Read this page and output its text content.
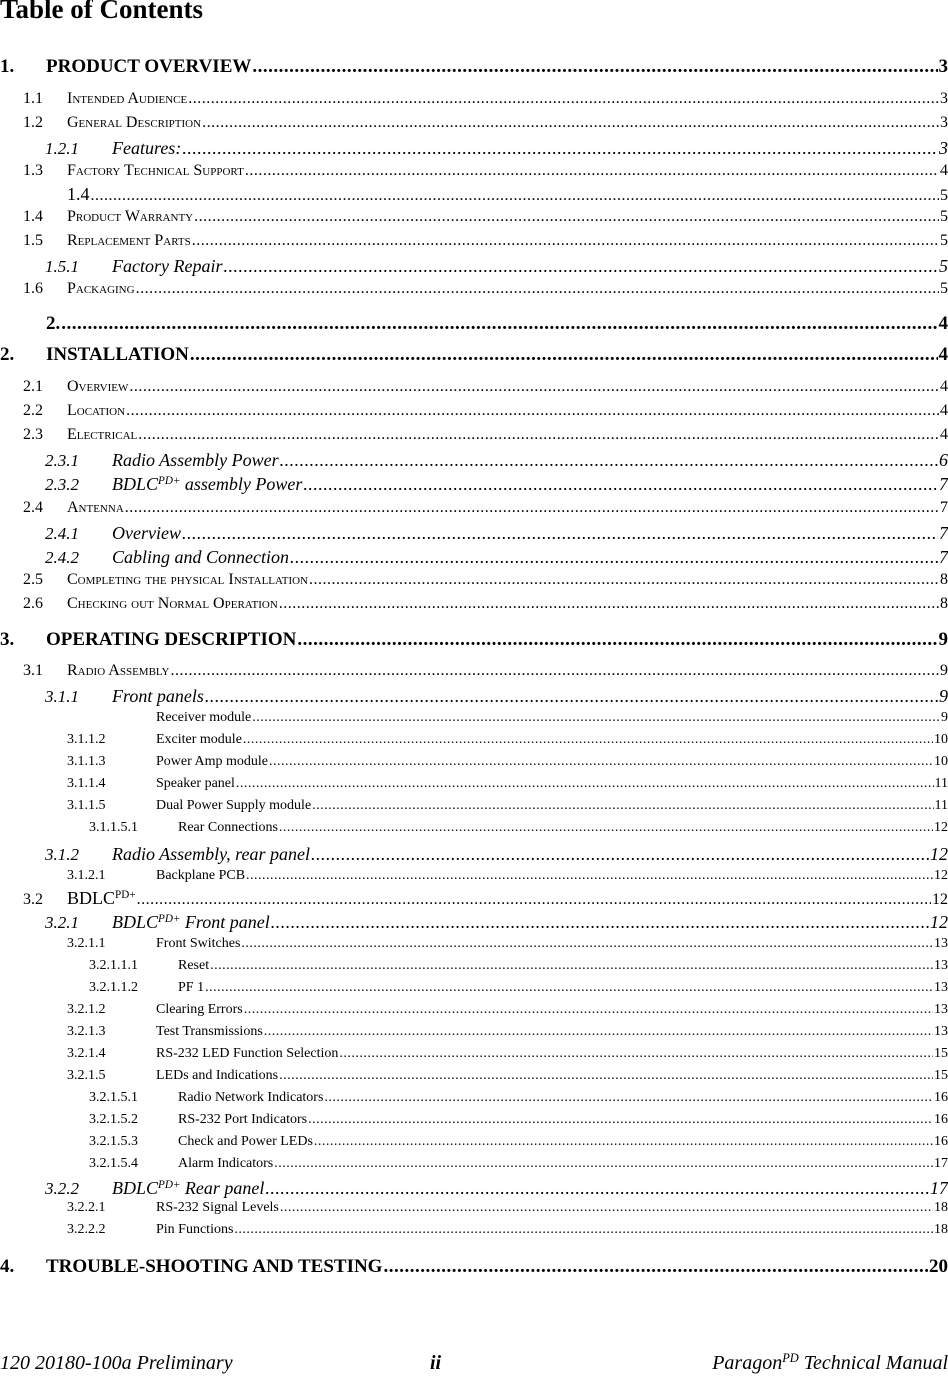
Table of Contents
1.	PRODUCT OVERVIEW .....	3
1.1	Intended Audience .....	3
1.2	General Description .....	3
1.2.1	Features: .....	3
1.3	Factory Technical Support .....	4
1.4 .....	5
1.4	Product Warranty .....	5
1.5	Replacement Parts .....	5
1.5.1	Factory Repair .....	5
1.6	Packaging .....	5
2. .....	4
2.	INSTALLATION .....	4
2.1	Overview .....	4
2.2	Location .....	4
2.3	Electrical .....	4
2.3.1	Radio Assembly Power .....	6
2.3.2	$BDLC^{PD+}$ assembly Power .....	7
2.4	Antenna .....	7
2.4.1	Overview .....	7
2.4.2	Cabling and Connection .....	7
2.5	Completing the physical Installation .....	8
2.6	Checking out Normal Operation .....	8
3.	OPERATING DESCRIPTION .....	9
3.1	Radio Assembly .....	9
3.1.1	Front panels .....	9
Receiver module .....	9
3.1.1.2	Exciter module .....	10
3.1.1.3	Power Amp module .....	10
3.1.1.4	Speaker panel .....	11
3.1.1.5	Dual Power Supply module .....	11
3.1.1.5.1	Rear Connections .....	12
3.1.2	Radio Assembly, rear panel .....	12
3.1.2.1	Backplane PCB .....	12
3.2	$BDLC^{PD+}$ .....	12
3.2.1	$BDLC^{PD+}$ Front panel .....	12
3.2.1.1	Front Switches .....	13
3.2.1.1.1	Reset .....	13
3.2.1.1.2	PF 1 .....	13
3.2.1.2	Clearing Errors .....	13
3.2.1.3	Test Transmissions .....	13
3.2.1.4	RS-232 LED Function Selection .....	15
3.2.1.5	LEDs and Indications .....	15
3.2.1.5.1	Radio Network Indicators .....	16
3.2.1.5.2	RS-232 Port Indicators .....	16
3.2.1.5.3	Check and Power LEDs .....	16
3.2.1.5.4	Alarm Indicators .....	17
3.2.2	$BDLC^{PD+}$ Rear panel .....	17
3.2.2.1	RS-232 Signal Levels .....	18
3.2.2.2	Pin Functions .....	18
4.	TROUBLE-SHOOTING AND TESTING .....	20
120 20180-100a Preliminary	ii	Paragon$^{PD}$ Technical Manual
